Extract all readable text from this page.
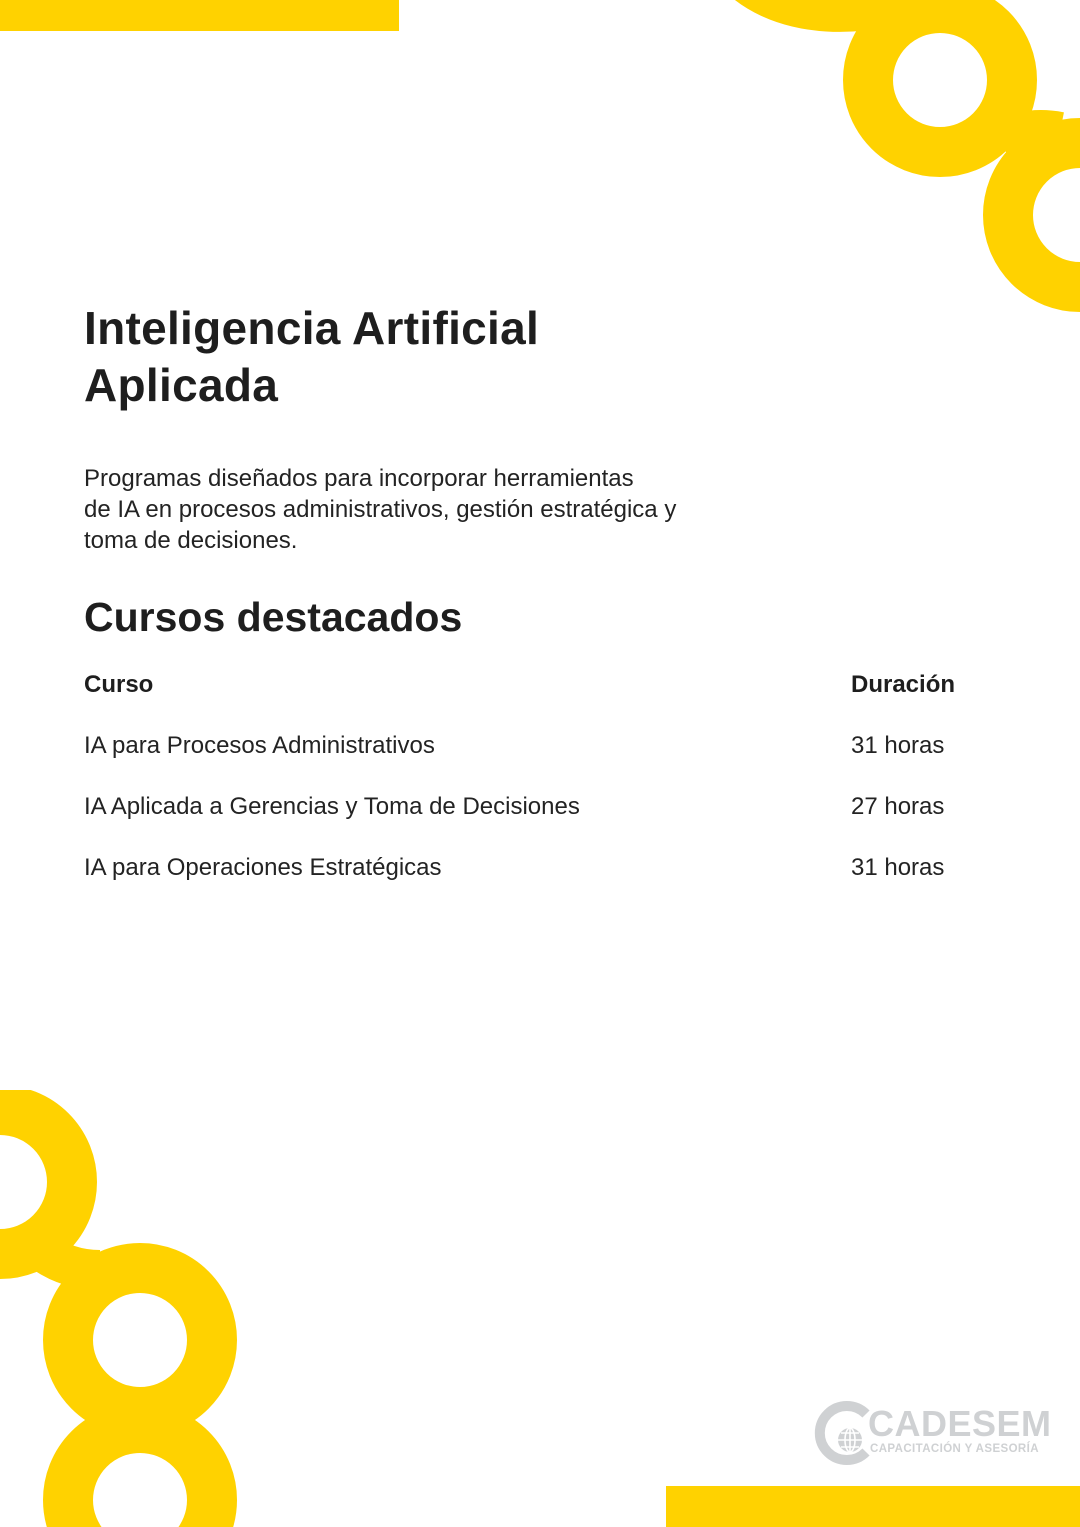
Inteligencia Artificial
Aplicada

Programas diseñados para incorporar herramientas
de IA en procesos administrativos, gestión estratégica y
toma de decisiones.

Cursos destacados
Curso	Duración
IA para Procesos Administrativos	31 horas
IA Aplicada a Gerencias y Toma de Decisiones	27 horas
IA para Operaciones Estratégicas	31 horas
CADESEM
CAPACITACIÓN Y ASESORÍA
